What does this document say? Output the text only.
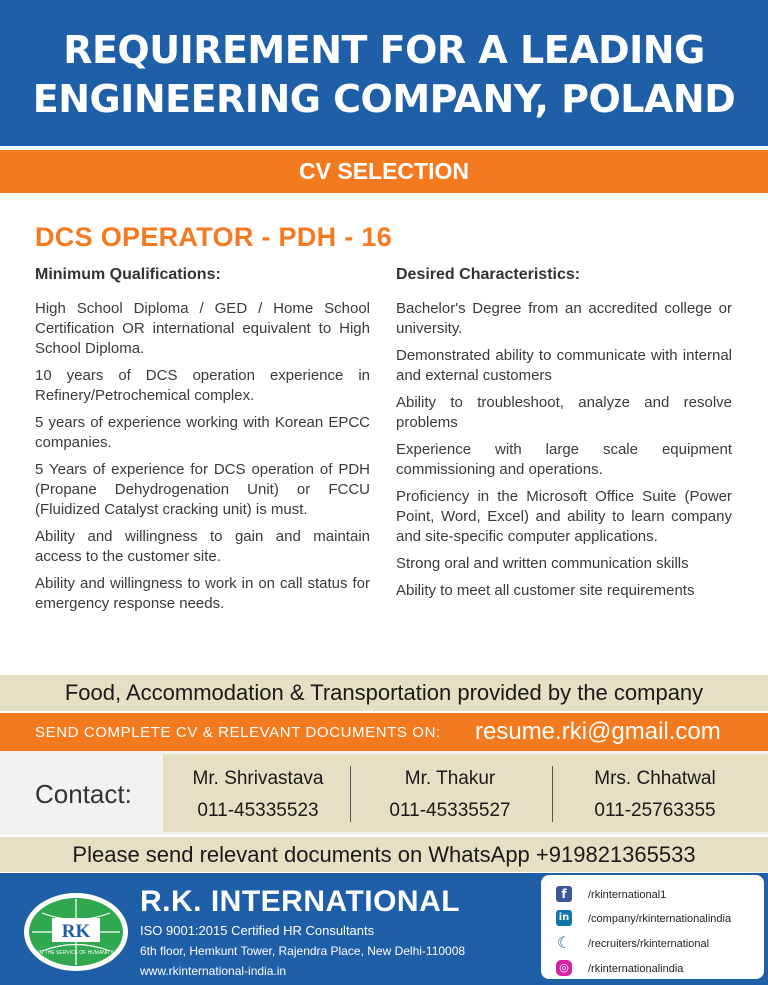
REQUIREMENT FOR A LEADING
ENGINEERING COMPANY, POLAND
CV SELECTION
DCS OPERATOR - PDH - 16
Minimum Qualifications:
High School Diploma / GED / Home School Certification OR international equivalent to High School Diploma.
10 years of DCS operation experience in Refinery/Petrochemical complex.
5 years of experience working with Korean EPCC companies.
5 Years of experience for DCS operation of PDH (Propane Dehydrogenation Unit) or FCCU (Fluidized Catalyst cracking unit) is must.
Ability and willingness to gain and maintain access to the customer site.
Ability and willingness to work in on call status for emergency response needs.
Desired Characteristics:
Bachelor's Degree from an accredited college or university.
Demonstrated ability to communicate with internal and external customers
Ability to troubleshoot, analyze and resolve problems
Experience with large scale equipment commissioning and operations.
Proficiency in the Microsoft Office Suite (Power Point, Word, Excel) and ability to learn company and site-specific computer applications.
Strong oral and written communication skills
Ability to meet all customer site requirements
Food, Accommodation & Transportation provided by the company
SEND COMPLETE CV & RELEVANT DOCUMENTS ON: resume.rki@gmail.com
Contact:
Mr. Shrivastava
011-45335523
Mr. Thakur
011-45335527
Mrs. Chhatwal
011-25763355
Please send relevant documents on WhatsApp +919821365533
RK
IN THE SERVICE OF HUMANITY
R.K. INTERNATIONAL
ISO 9001:2015 Certified HR Consultants
6th floor, Hemkunt Tower, Rajendra Place, New Delhi-110008
www.rkinternational-india.in
f	/rkinternational1
in /company/rkinternationalindia
☾ /recruiters/rkinternational
◎ /rkinternationalindia
